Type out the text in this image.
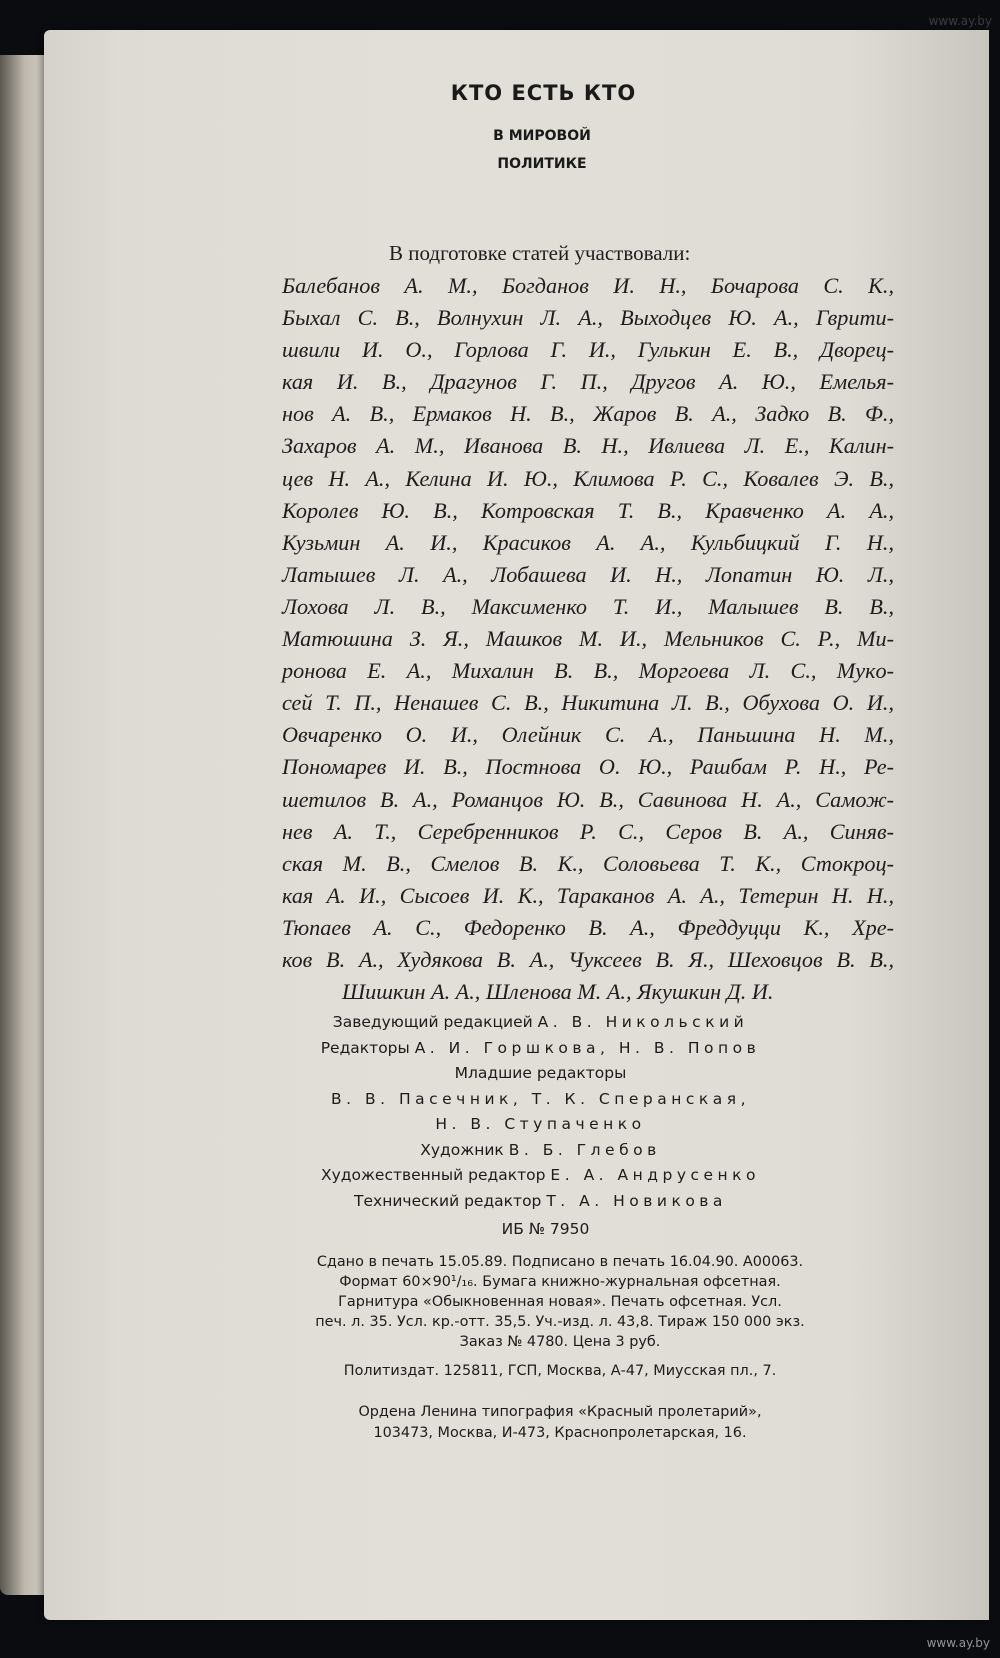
КТО ЕСТЬ КТО
В МИРОВОЙ
ПОЛИТИКЕ
В подготовке статей участвовали:
Балебанов А. М., Богданов И. Н., Бочарова С. К.,
Быхал С. В., Волнухин Л. А., Выходцев Ю. А., Гврити-
швили И. О., Горлова Г. И., Гулькин Е. В., Дворец-
кая И. В., Драгунов Г. П., Другов А. Ю., Емелья-
нов А. В., Ермаков Н. В., Жаров В. А., Задко В. Ф.,
Захаров А. М., Иванова В. Н., Ивлиева Л. Е., Калин-
цев Н. А., Келина И. Ю., Климова Р. С., Ковалев Э. В.,
Королев Ю. В., Котровская Т. В., Кравченко А. А.,
Кузьмин А. И., Красиков А. А., Кульбицкий Г. Н.,
Латышев Л. А., Лобашева И. Н., Лопатин Ю. Л.,
Лохова Л. В., Максименко Т. И., Малышев В. В.,
Матюшина З. Я., Машков М. И., Мельников С. Р., Ми-
ронова Е. А., Михалин В. В., Моргоева Л. С., Мукo-
сей Т. П., Ненашев С. В., Никитина Л. В., Обухова О. И.,
Овчаренко О. И., Олейник С. А., Паньшина Н. М.,
Пономарев И. В., Постнова О. Ю., Рашбам Р. Н., Ре-
шетилов В. А., Романцов Ю. В., Савинова Н. А., Самож-
нев А. Т., Серебренников Р. С., Серов В. А., Синяв-
ская М. В., Смелов В. К., Соловьева Т. К., Стокроц-
кая А. И., Сысоев И. К., Тараканов А. А., Тетерин Н. Н.,
Тюпаев А. С., Федоренко В. А., Фреддуцци К., Хре-
ков В. А., Худякова В. А., Чуксеев В. Я., Шеховцов В. В.,
Шишкин А. А., Шленова М. А., Якушкин Д. И.
Заведующий редакцией А. В. Никольский
Редакторы А. И. Горшкова, Н. В. Попов
Младшие редакторы
В. В. Пасечник, Т. К. Сперанская,
Н. В. Ступаченко
Художник В. Б. Глебов
Художественный редактор Е. А. Андрусенко
Технический редактор Т. А. Новикова
ИБ № 7950
Сдано в печать 15.05.89. Подписано в печать 16.04.90. А00063.
Формат 60×90¹/₁₆. Бумага книжно-журнальная офсетная.
Гарнитура «Обыкновенная новая». Печать офсетная. Усл.
печ. л. 35. Усл. кр.-отт. 35,5. Уч.-изд. л. 43,8. Тираж 150 000 экз.
Заказ № 4780. Цена 3 руб.
Политиздат. 125811, ГСП, Москва, А-47, Миусская пл., 7.
Ордена Ленина типография «Красный пролетарий»,
103473, Москва, И-473, Краснопролетарская, 16.
www.ay.by
www.ay.by
